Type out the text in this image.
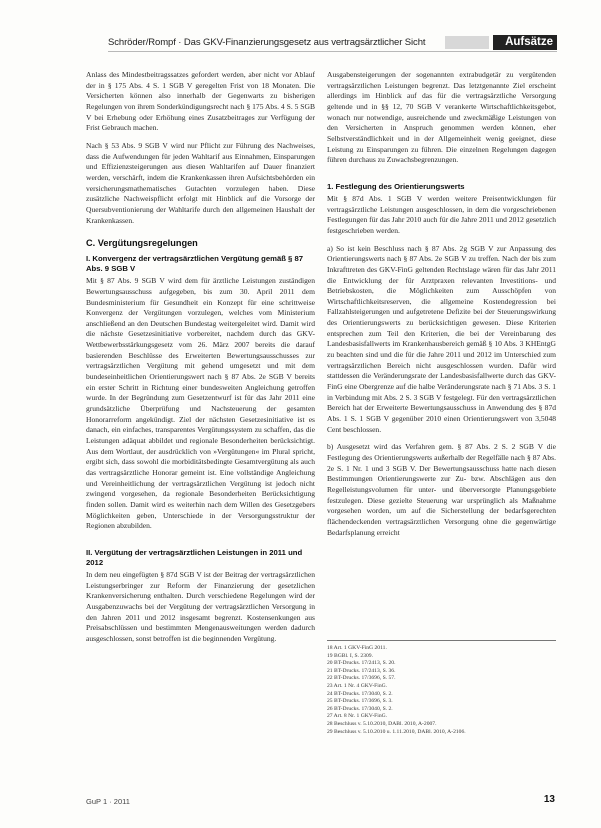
Schröder/Rompf · Das GKV-Finanzierungsgesetz aus vertragsärztlicher Sicht	Aufsätze

Anlass des Mindestbeitragssatzes gefordert werden, aber nicht vor Ablauf der in § 175 Abs. 4 S. 1 SGB V geregelten Frist von 18 Monaten. Die Versicherten können also innerhalb der Gegenwarts zu bisherigen Regelungen von ihrem Sonderkündigungsrecht nach § 175 Abs. 4 S. 5 SGB V bei Erhebung oder Erhöhung eines Zusatzbeitrages zur Verfügung der Frist Gebrauch machen.

Nach § 53 Abs. 9 SGB V wird nur Pflicht zur Führung des Nachweises, dass die Aufwendungen für jeden Wahltarif aus Einnahmen, Einsparungen und Effizienzsteigerungen aus diesen Wahltarifen auf Dauer finanziert werden, verschärft, indem die Krankenkassen ihren Aufsichtsbehörden ein versicherungsmathematisches Gutachten vorzulegen haben. Diese zusätzliche Nachweispflicht erfolgt mit Hinblick auf die Vorsorge der Quersubventionierung der Wahltarife durch den allgemeinen Haushalt der Krankenkassen.

C. Vergütungsregelungen
I. Konvergenz der vertragsärztlichen Vergütung gemäß § 87 Abs. 9 SGB V

Mit § 87 Abs. 9 SGB V wird dem für ärztliche Leistungen zuständigen Bewertungsausschuss aufgegeben, bis zum 30. April 2011 dem Bundesministerium für Gesundheit ein Konzept für eine schrittweise Konvergenz der Vergütungen vorzulegen, welches vom Ministerium anschließend an den Deutschen Bundestag weitergeleitet wird. Damit wird die nächste Gesetzesinitiative vorbereitet, nachdem durch das GKV-Wettbewerbsstärkungsgesetz vom 26. März 2007 bereits die darauf basierenden Beschlüsse des Erweiterten Bewertungsausschusses zur vertragsärztlichen Vergütung mit gehend umgesetzt und mit dem bundeseinheitlichen Orientierungswert nach § 87 Abs. 2e SGB V bereits ein erster Schritt in Richtung einer bundesweiten Angleichung getroffen wurde. In der Begründung zum Gesetzentwurf ist für das Jahr 2011 eine grundsätzliche Überprüfung und Nachsteuerung der gesamten Honorarreform angekündigt. Ziel der nächsten Gesetzesinitiative ist es danach, ein einfaches, transparentes Vergütungssystem zu schaffen, das die Leistungen adäquat abbildet und regionale Besonderheiten berücksichtigt. Aus dem Wortlaut, der ausdrücklich von »Vergütungen« im Plural spricht, ergibt sich, dass sowohl die morbiditätsbedingte Gesamtvergütung als auch das vertragsärztliche Honorar gemeint ist. Eine vollständige Angleichung und Vereinheitlichung der vertragsärztlichen Vergütung ist jedoch nicht zwingend vorgesehen, da regionale Besonderheiten Berücksichtigung finden sollen. Damit wird es weiterhin nach dem Willen des Gesetzgebers Möglichkeiten geben, Unterschiede in der Versorgungsstruktur der Regionen abzubilden.

II. Vergütung der vertragsärztlichen Leistungen in 2011 und 2012

In dem neu eingefügten § 87d SGB V ist der Beitrag der vertragsärztlichen Leistungserbringer zur Reform der Finanzierung der gesetzlichen Krankenversicherung enthalten. Durch verschiedene Regelungen wird der Ausgabenzuwachs bei der Vergütung der vertragsärztlichen Versorgung in den Jahren 2011 und 2012 insgesamt begrenzt. Kostensenkungen aus Preisabschlüssen und bestimmten Mengenausweitungen werden dadurch ausgeschlossen, sonst betroffen ist die beginnenden Vergütung.

Ausgabensteigerungen der sogenannten extrabudgetär zu vergütenden vertragsärztlichen Leistungen begrenzt. Das letztgenannte Ziel erscheint allerdings im Hinblick auf das für die vertragsärztliche Versorgung geltende und in §§ 12, 70 SGB V verankerte Wirtschaftlichkeitsgebot, wonach nur notwendige, ausreichende und zweckmäßige Leistungen von den Versicherten in Anspruch genommen werden können, eher Selbstverständlichkeit und in der Allgemeinheit wenig geeignet, diese Leistung zu Einsparungen zu führen. Die einzelnen Regelungen dagegen führen durchaus zu Zuwachsbegrenzungen.

1. Festlegung des Orientierungswerts

Mit § 87d Abs. 1 SGB V werden weitere Preisentwicklungen für vertragsärztliche Leistungen ausgeschlossen, in dem die vorgeschriebenen Festlegungen für das Jahr 2010 auch für die Jahre 2011 und 2012 gesetzlich festgeschrieben werden.

a) So ist kein Beschluss nach § 87 Abs. 2g SGB V zur Anpassung des Orientierungswerts nach § 87 Abs. 2e SGB V zu treffen. Nach der bis zum Inkrafttreten des GKV-FinG geltenden Rechtslage wären für das Jahr 2011 die Entwicklung der für Arztpraxen relevanten Investitions- und Betriebskosten, die Möglichkeiten zum Ausschöpfen von Wirtschaftlichkeitsreserven, die allgemeine Kostendegression bei Fallzahlsteigerungen und aufgetretene Defizite bei der Steuerungswirkung des Orientierungswerts zu berücksichtigen gewesen. Diese Kriterien entsprechen zum Teil den Kriterien, die bei der Vereinbarung des Landesbasisfallwerts im Krankenhausbereich gemäß § 10 Abs. 3 KHEntgG zu beachten sind und die für die Jahre 2011 und 2012 im Unterschied zum vertragsärztlichen Bereich nicht ausgeschlossen wurden. Dafür wird stattdessen die Veränderungsrate der Landesbasisfallwerte durch das GKV-FinG eine Obergrenze auf die halbe Veränderungsrate nach § 71 Abs. 3 S. 1 in Verbindung mit Abs. 2 S. 3 SGB V festgelegt. Für den vertragsärztlichen Bereich hat der Erweiterte Bewertungsausschuss in Anwendung des § 87d Abs. 1 S. 1 SGB V gegenüber 2010 einen Orientierungswert von 3,5048 Cent beschlossen.

b) Ausgesetzt wird das Verfahren gem. § 87 Abs. 2 S. 2 SGB V die Festlegung des Orientierungswerts außerhalb der Regelfälle nach § 87 Abs. 2e S. 1 Nr. 1 und 3 SGB V. Der Bewertungsausschuss hatte nach diesen Bestimmungen Orientierungswerte zur Zu- bzw. Abschlägen aus den Regelleistungsvolumen für unter- und überversorgte Planungsgebiete festzulegen. Diese gezielte Steuerung war ursprünglich als Maßnahme vorgesehen worden, um auf die Sicherstellung der bedarfsgerechten flächendeckenden vertragsärztlichen Versorgung ohne die gegenwärtige Bedarfsplanung erreicht

18 Art. 1 GKV-FinG 2011.
19 BGBl. I, S. 2309.
20 BT-Drucks. 17/2413, S. 20.
21 BT-Drucks. 17/2413, S. 36.
22 BT-Drucks. 17/3696, S. 57.
23 Art. 1 Nr. 4 GKV-FinG.
24 BT-Drucks. 17/3040, S. 2.
25 BT-Drucks. 17/3696, S. 3.
26 BT-Drucks. 17/3040, S. 2.
27 Art. 8 Nr. 1 GKV-FinG.
28 Beschluss v. 5.10.2010, DÄBl. 2010, A-2007.
29 Beschluss v. 5.10.2010 u. 1.11.2010, DÄBl. 2010, A-2106.
GuP 1 · 2011	13
